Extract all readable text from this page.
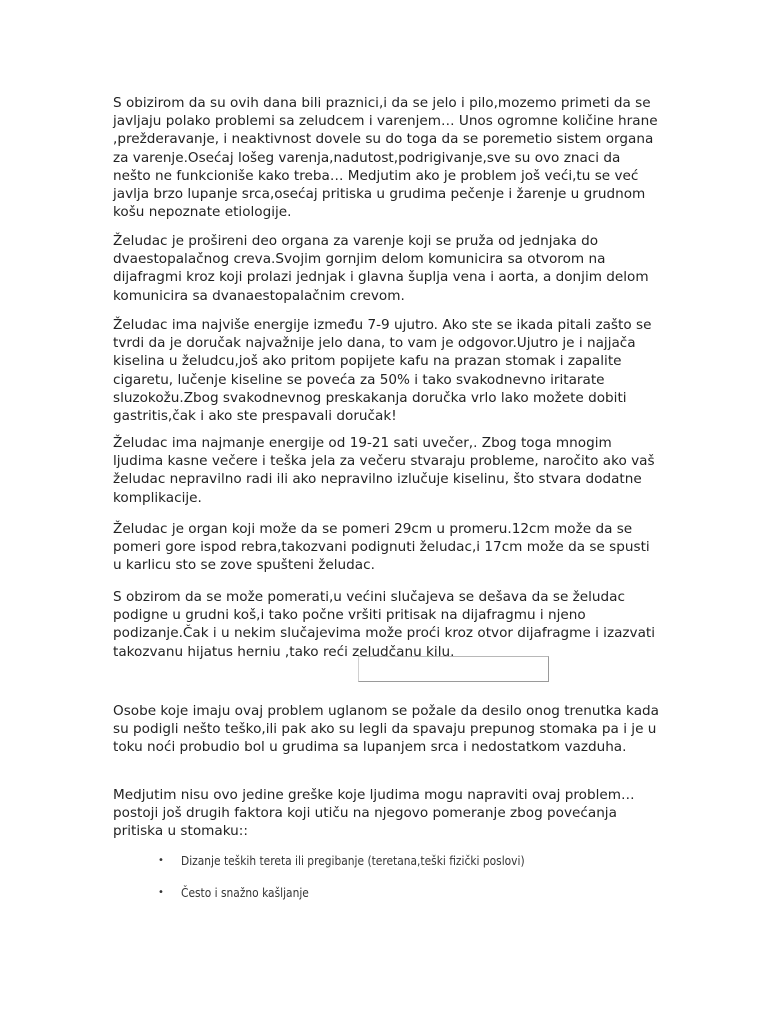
S obizirom da su ovih dana bili praznici,i da se jelo i pilo,mozemo primeti da se javljaju polako problemi sa zeludcem i varenjem… Unos ogromne količine hrane ,prežderavanje, i neaktivnost dovele su do toga da se poremetio sistem organa za varenje.Osećaj lošeg varenja,nadutost,podrigivanje,sve su ovo znaci da nešto ne funkcioniše kako treba… Medjutim ako je problem još veći,tu se već javlja brzo lupanje srca,osećaj pritiska u grudima pečenje i žarenje u grudnom košu nepoznate etiologije.

Želudac je prošireni deo organa za varenje koji se pruža od jednjaka do dvaestopalačnog creva.Svojim gornjim delom komunicira sa otvorom na dijafragmi kroz koji prolazi jednjak i glavna šuplja vena i aorta, a donjim delom komunicira sa dvanaestopalačnim crevom.

Želudac ima najviše energije između 7-9 ujutro. Ako ste se ikada pitali zašto se tvrdi da je doručak najvažnije jelo dana, to vam je odgovor.Ujutro je i najjača kiselina u želudcu,još ako pritom popijete kafu na prazan stomak i zapalite cigaretu, lučenje kiseline se poveća za 50% i tako svakodnevno iritarate sluzokožu.Zbog svakodnevnog preskakanja doručka vrlo lako možete dobiti gastritis,čak i ako ste prespavali doručak!

Želudac ima najmanje energije od 19-21 sati uvečer,. Zbog toga mnogim ljudima kasne večere i teška jela za večeru stvaraju probleme, naročito ako vaš želudac nepravilno radi ili ako nepravilno izlučuje kiselinu, što stvara dodatne komplikacije.

Želudac je organ koji može da se pomeri 29cm u promeru.12cm može da se pomeri gore ispod rebra,takozvani podignuti želudac,i 17cm može da se spusti u karlicu sto se zove spušteni želudac.

S obzirom da se može pomerati,u većini slučajeva se dešava da se želudac podigne u grudni koš,i tako počne vršiti pritisak na dijafragmu i njeno podizanje.Čak i u nekim slučajevima može proći kroz otvor dijafragme i izazvati takozvanu hijatus herniu ,tako reći zeludčanu kilu.

Osobe koje imaju ovaj problem uglanom se požale da desilo onog trenutka kada su podigli nešto teško,ili pak ako su legli da spavaju prepunog stomaka pa i je u toku noći probudio bol u grudima sa lupanjem srca i nedostatkom vazduha.

Medjutim nisu ovo jedine greške koje ljudima mogu napraviti ovaj problem…postoji još drugih faktora koji utiču na njegovo pomeranje zbog povećanja pritiska u stomaku::

• Dizanje teških tereta ili pregibanje (teretana,teški fizički poslovi)
• Često i snažno kašljanje
